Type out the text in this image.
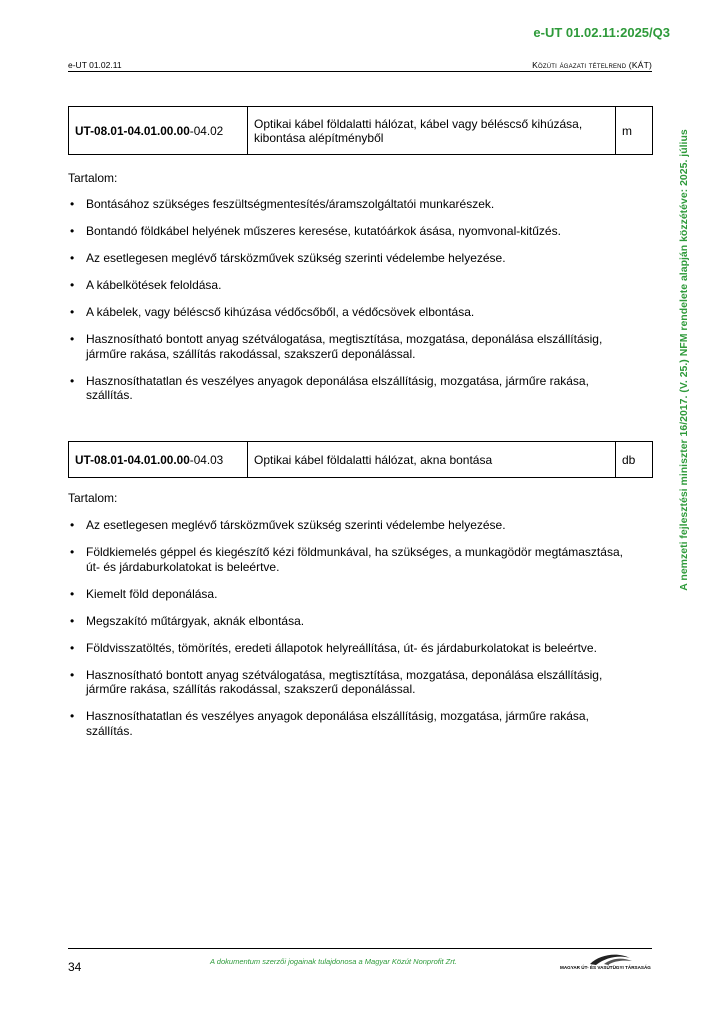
e-UT 01.02.11:2025/Q3
e-UT 01.02.11	Közúti ágazati tételrend (KÁT)
A nemzeti fejlesztési miniszter 16/2017. (V. 25.) NFM rendelete alapján közzétéve: 2025. július
UT-08.01-04.01.00.00-04.02	Optikai kábel földalatti hálózat, kábel vagy béléscső kihúzása, kibontása alépítményből	m
Tartalom:
• Bontásához szükséges feszültségmentesítés/áramszolgáltatói munkarészek.
• Bontandó földkábel helyének műszeres keresése, kutatóárkok ásása, nyomvonal-kitűzés.
• Az esetlegesen meglévő társközművek szükség szerinti védelembe helyezése.
• A kábelkötések feloldása.
• A kábelek, vagy béléscső kihúzása védőcsőből, a védőcsövek elbontása.
• Hasznosítható bontott anyag szétválogatása, megtisztítása, mozgatása, deponálása elszállításig, járműre rakása, szállítás rakodással, szakszerű deponálással.
• Hasznosíthatatlan és veszélyes anyagok deponálása elszállításig, mozgatása, járműre rakása, szállítás.
UT-08.01-04.01.00.00-04.03	Optikai kábel földalatti hálózat, akna bontása	db
Tartalom:
• Az esetlegesen meglévő társközművek szükség szerinti védelembe helyezése.
• Földkiemelés géppel és kiegészítő kézi földmunkával, ha szükséges, a munkagödör megtámasztása, út- és járdaburkolatokat is beleértve.
• Kiemelt föld deponálása.
• Megszakító műtárgyak, aknák elbontása.
• Földvisszatöltés, tömörítés, eredeti állapotok helyreállítása, út- és járdaburkolatokat is beleértve.
• Hasznosítható bontott anyag szétválogatása, megtisztítása, mozgatása, deponálása elszállításig, járműre rakása, szállítás rakodással, szakszerű deponálással.
• Hasznosíthatatlan és veszélyes anyagok deponálása elszállításig, mozgatása, járműre rakása, szállítás.
34	A dokumentum szerzői jogainak tulajdonosa a Magyar Közút Nonprofit Zrt.
MAGYAR ÚT- ÉS VASÚTÜGYI TÁRSASÁG
